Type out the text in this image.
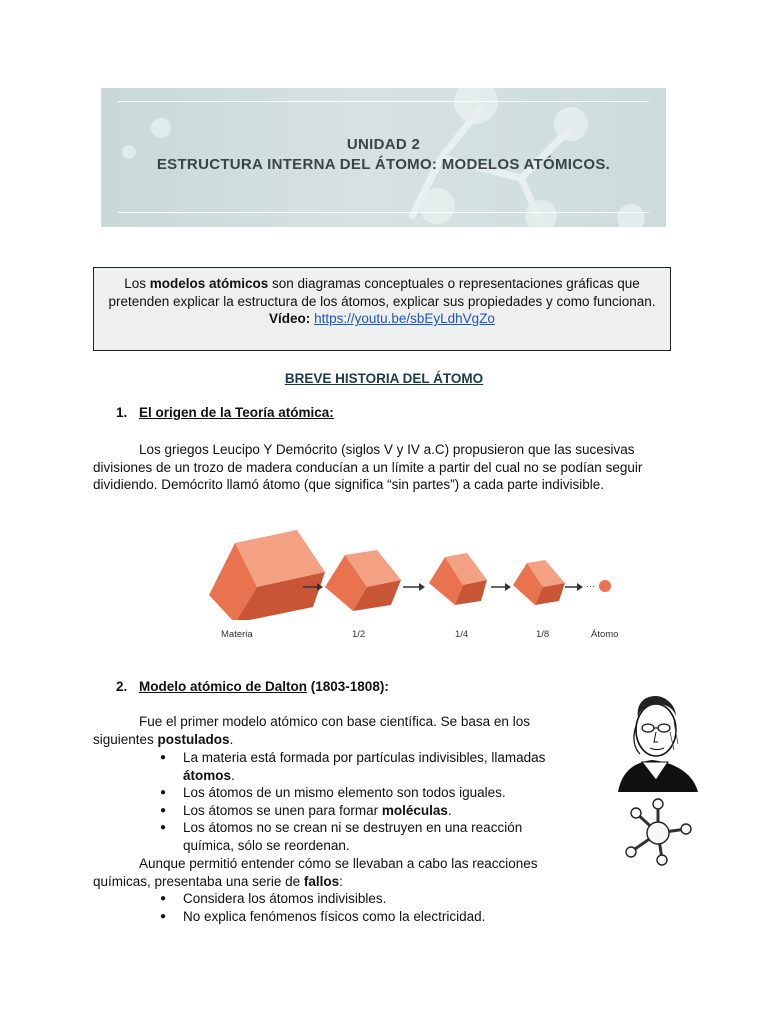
UNIDAD 2
ESTRUCTURA INTERNA DEL ÁTOMO: MODELOS ATÓMICOS.
Los modelos atómicos son diagramas conceptuales o representaciones gráficas que pretenden explicar la estructura de los átomos, explicar sus propiedades y como funcionan.
Vídeo: https://youtu.be/sbEyLdhVgZo
BREVE HISTORIA DEL ÁTOMO
1. El origen de la Teoría atómica:
Los griegos Leucipo Y Demócrito (siglos V y IV a.C) propusieron que las sucesivas divisiones de un trozo de madera conducían a un límite a partir del cual no se podían seguir dividiendo. Demócrito llamó átomo (que significa “sin partes”) a cada parte indivisible.
···
Materia	1/2	1/4	1/8	Átomo
2. Modelo atómico de Dalton (1803-1808):
Fue el primer modelo atómico con base científica. Se basa en los siguientes postulados.
● La materia está formada por partículas indivisibles, llamadas átomos.
● Los átomos de un mismo elemento son todos iguales.
● Los átomos se unen para formar moléculas.
● Los átomos no se crean ni se destruyen en una reacción química, sólo se reordenan.
Aunque permitió entender cómo se llevaban a cabo las reacciones químicas, presentaba una serie de fallos:
● Considera los átomos indivisibles.
● No explica fenómenos físicos como la electricidad.
